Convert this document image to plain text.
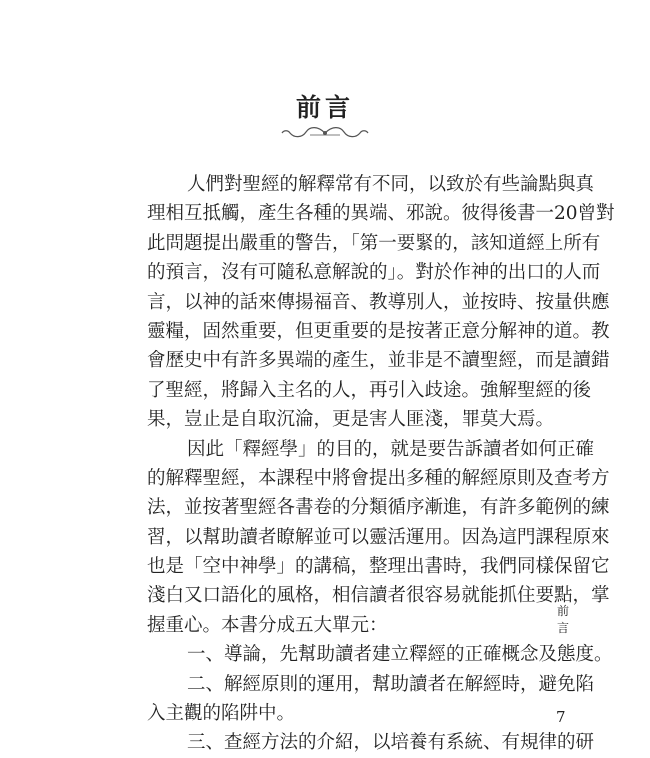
前言
人們對聖經的解釋常有不同，以致於有些論點與真
理相互抵觸，產生各種的異端、邪說。彼得後書一20曾對
此問題提出嚴重的警告，「第一要緊的，該知道經上所有
的預言，沒有可隨私意解說的」。對於作神的出口的人而
言，以神的話來傳揚福音、教導別人，並按時、按量供應
靈糧，固然重要，但更重要的是按著正意分解神的道。教
會歷史中有許多異端的產生，並非是不讀聖經，而是讀錯
了聖經，將歸入主名的人，再引入歧途。強解聖經的後
果，豈止是自取沉淪，更是害人匪淺，罪莫大焉。
因此「釋經學」的目的，就是要告訴讀者如何正確
的解釋聖經，本課程中將會提出多種的解經原則及查考方
法，並按著聖經各書卷的分類循序漸進，有許多範例的練
習，以幫助讀者瞭解並可以靈活運用。因為這門課程原來
也是「空中神學」的講稿，整理出書時，我們同樣保留它
淺白又口語化的風格，相信讀者很容易就能抓住要點，掌
握重心。本書分成五大單元：
一、導論，先幫助讀者建立釋經的正確概念及態度。
二、解經原則的運用，幫助讀者在解經時，避免陷
入主觀的陷阱中。
三、查經方法的介紹，以培養有系統、有規律的研
前
言
7
